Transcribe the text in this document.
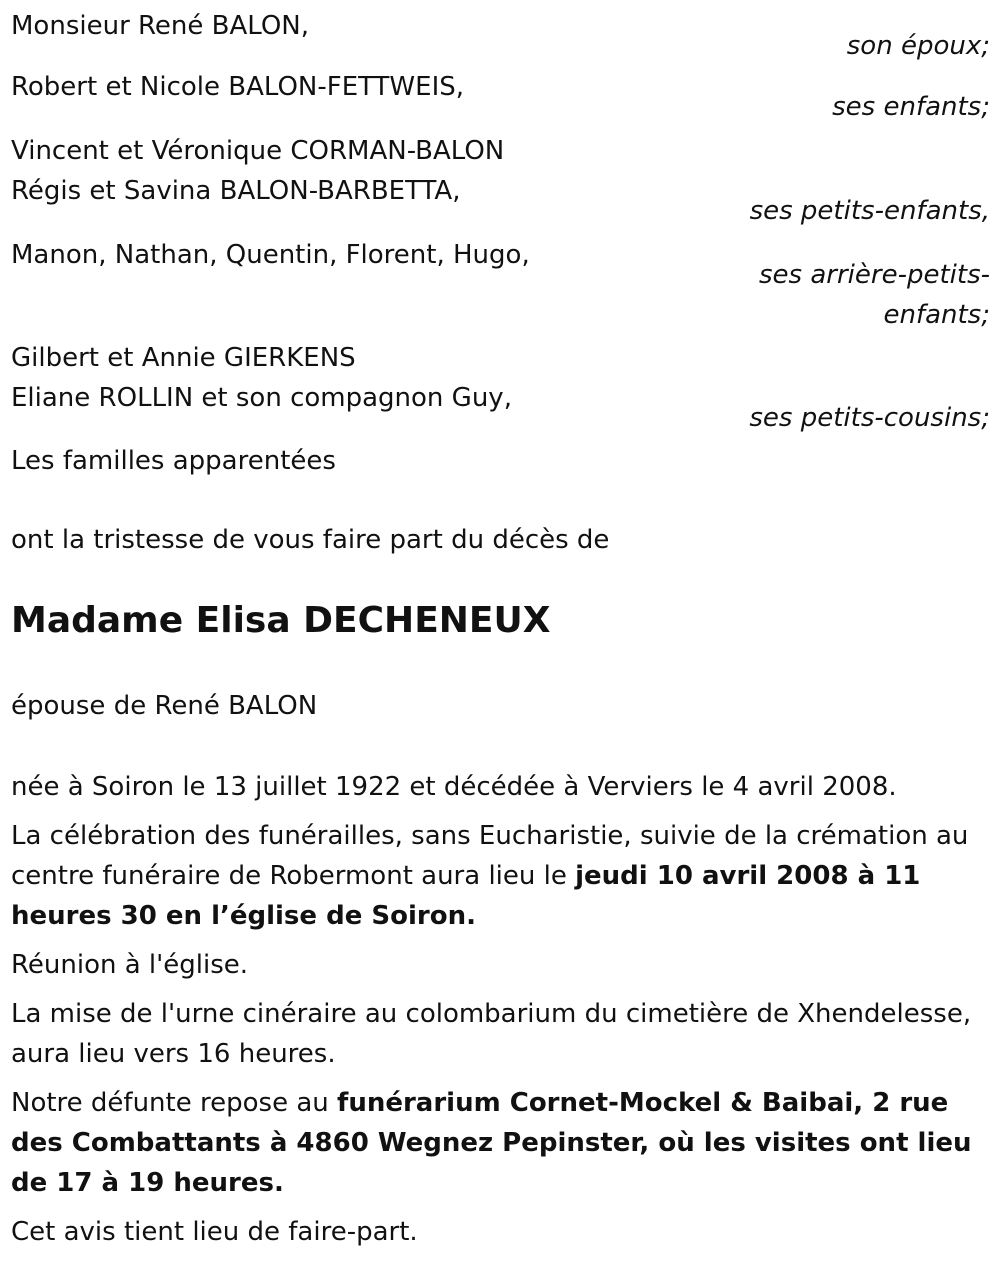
Monsieur René BALON,
son époux;
Robert et Nicole BALON-FETTWEIS,
ses enfants;
Vincent et Véronique CORMAN-BALON
Régis et Savina BALON-BARBETTA,
ses petits-enfants,
Manon, Nathan, Quentin, Florent, Hugo,
ses arrière-petits-enfants;
Gilbert et Annie GIERKENS
Eliane ROLLIN et son compagnon Guy,
ses petits-cousins;
Les familles apparentées
ont la tristesse de vous faire part du décès de
Madame Elisa DECHENEUX
épouse de René BALON

née à Soiron le 13 juillet 1922 et décédée à Verviers le 4 avril 2008.

La célébration des funérailles, sans Eucharistie, suivie de la crémation au centre funéraire de Robermont aura lieu le jeudi 10 avril 2008 à 11 heures 30 en l’église de Soiron.

Réunion à l'église.

La mise de l'urne cinéraire au colombarium du cimetière de Xhendelesse, aura lieu vers 16 heures.

Notre défunte repose au funérarium Cornet-Mockel & Baibai, 2 rue des Combattants à 4860 Wegnez Pepinster, où les visites ont lieu de 17 à 19 heures.

Cet avis tient lieu de faire-part.
